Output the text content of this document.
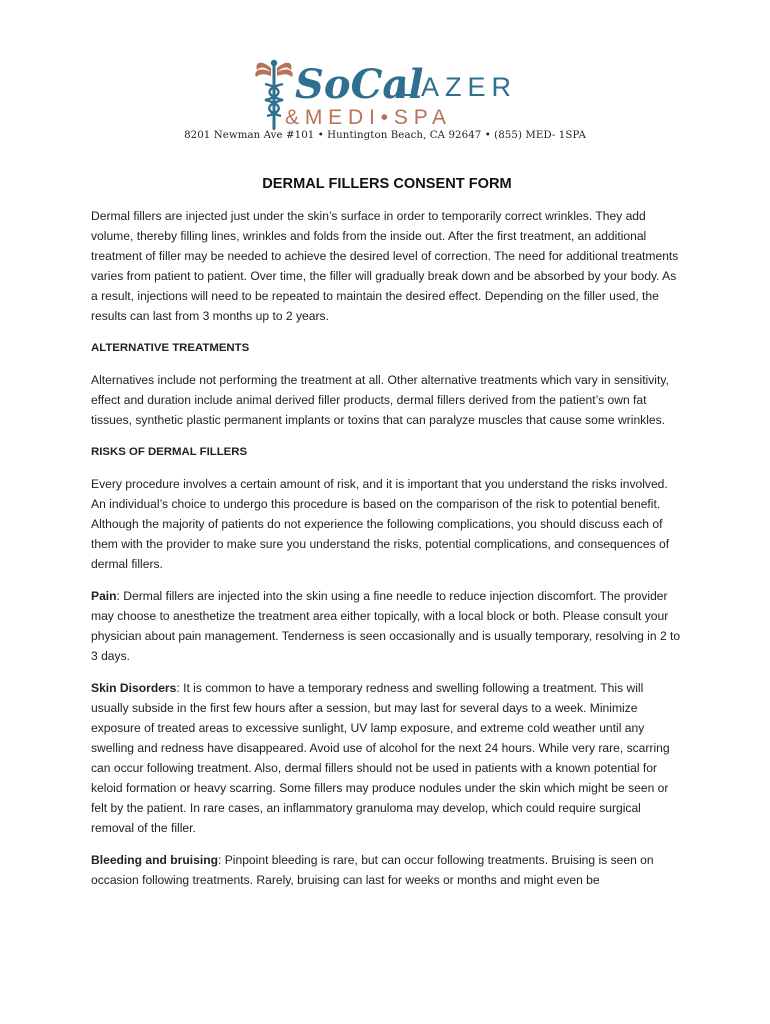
SoCal
LAZER
& M E D I • S P A
8201 Newman Ave #101 • Huntington Beach, CA 92647 • (855) MED- 1SPA
DERMAL FILLERS CONSENT FORM

Dermal fillers are injected just under the skin’s surface in order to temporarily correct wrinkles. They add volume, thereby filling lines, wrinkles and folds from the inside out. After the first treatment, an additional treatment of filler may be needed to achieve the desired level of correction. The need for additional treatments varies from patient to patient. Over time, the filler will gradually break down and be absorbed by your body. As a result, injections will need to be repeated to maintain the desired effect. Depending on the filler used, the results can last from 3 months up to 2 years.

ALTERNATIVE TREATMENTS

Alternatives include not performing the treatment at all. Other alternative treatments which vary in sensitivity, effect and duration include animal derived filler products, dermal fillers derived from the patient’s own fat tissues, synthetic plastic permanent implants or toxins that can paralyze muscles that cause some wrinkles.

RISKS OF DERMAL FILLERS

Every procedure involves a certain amount of risk, and it is important that you understand the risks involved. An individual’s choice to undergo this procedure is based on the comparison of the risk to potential benefit. Although the majority of patients do not experience the following complications, you should discuss each of them with the provider to make sure you understand the risks, potential complications, and consequences of dermal fillers.

Pain: Dermal fillers are injected into the skin using a fine needle to reduce injection discomfort. The provider may choose to anesthetize the treatment area either topically, with a local block or both. Please consult your physician about pain management. Tenderness is seen occasionally and is usually temporary, resolving in 2 to 3 days.

Skin Disorders: It is common to have a temporary redness and swelling following a treatment. This will usually subside in the first few hours after a session, but may last for several days to a week. Minimize exposure of treated areas to excessive sunlight, UV lamp exposure, and extreme cold weather until any swelling and redness have disappeared. Avoid use of alcohol for the next 24 hours. While very rare, scarring can occur following treatment. Also, dermal fillers should not be used in patients with a known potential for keloid formation or heavy scarring. Some fillers may produce nodules under the skin which might be seen or felt by the patient. In rare cases, an inflammatory granuloma may develop, which could require surgical removal of the filler.

Bleeding and bruising: Pinpoint bleeding is rare, but can occur following treatments. Bruising is seen on occasion following treatments. Rarely, bruising can last for weeks or months and might even be
